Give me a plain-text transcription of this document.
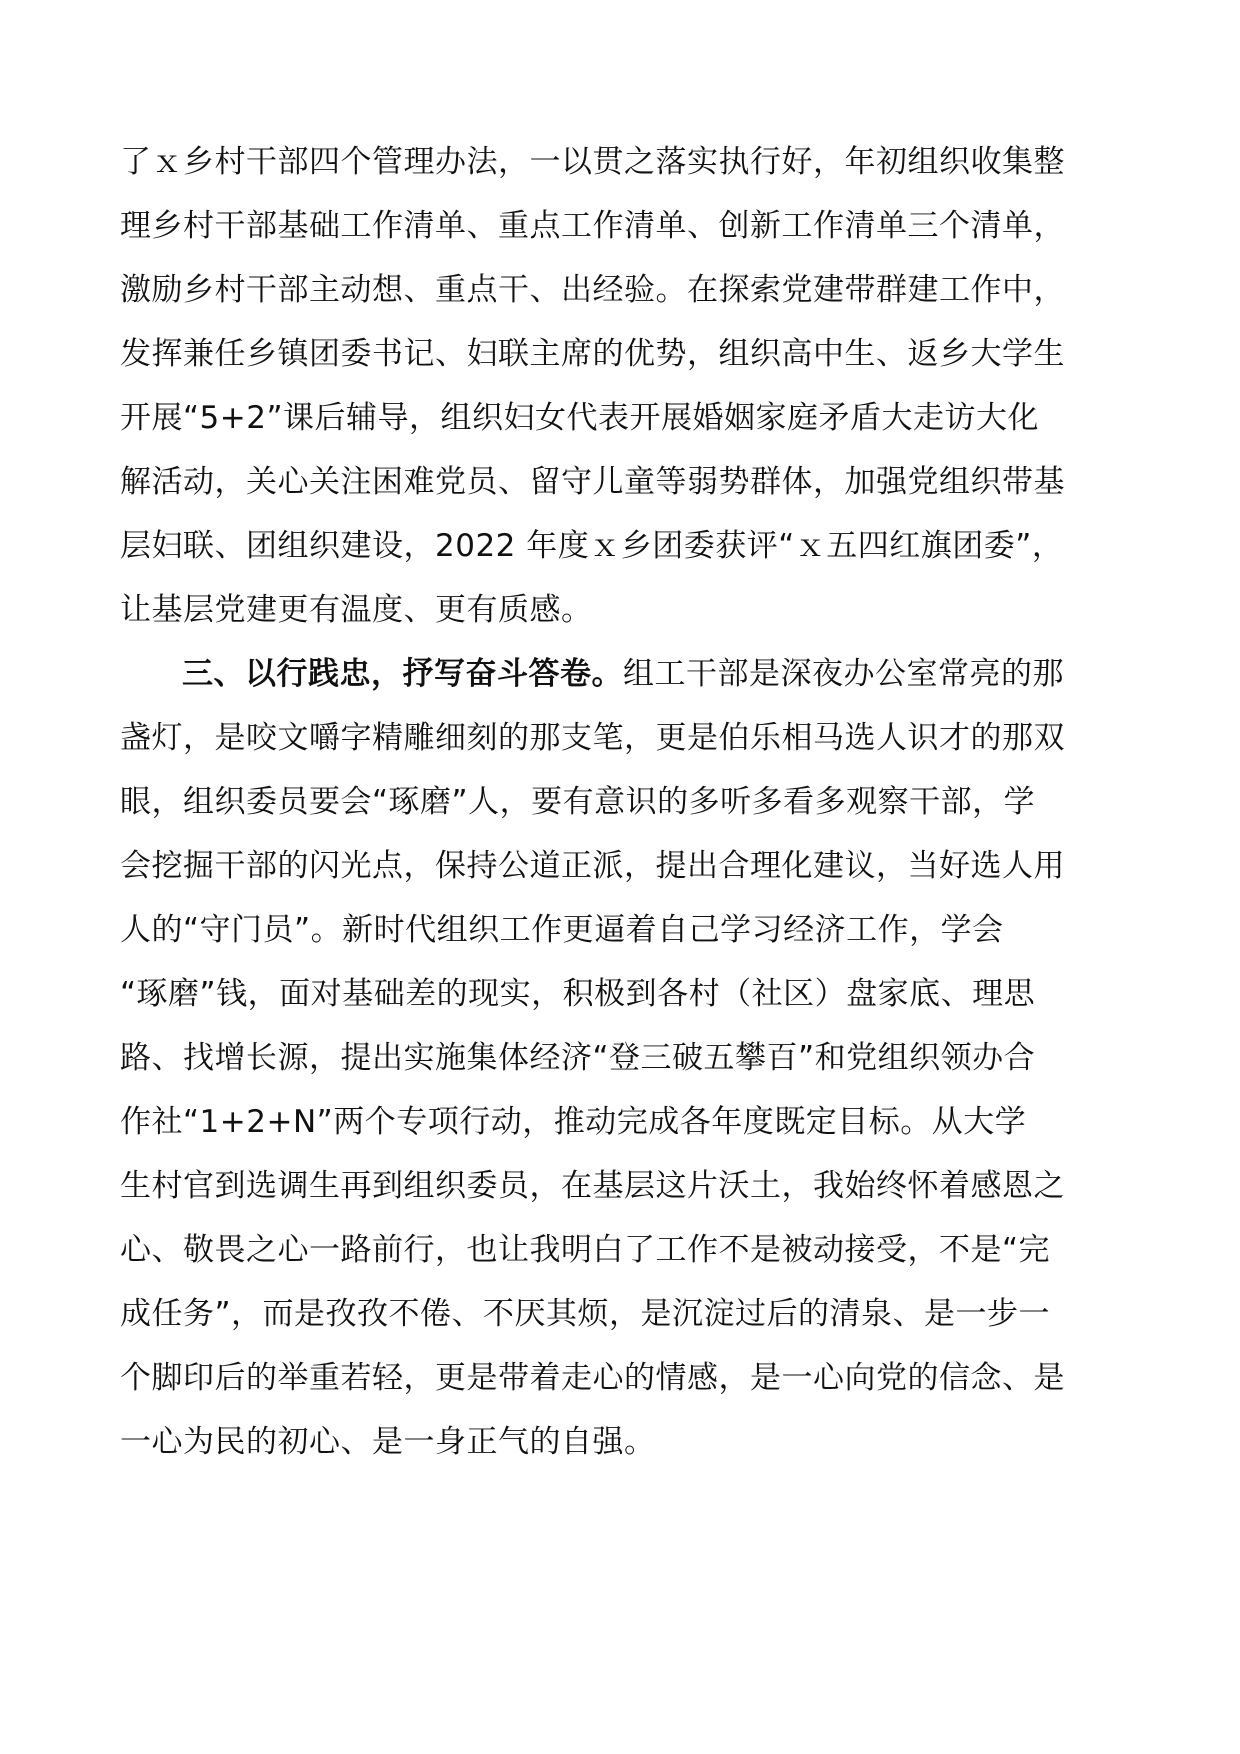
了ｘ乡村干部四个管理办法，一以贯之落实执行好，年初组织收集整
理乡村干部基础工作清单、重点工作清单、创新工作清单三个清单，
激励乡村干部主动想、重点干、出经验。在探索党建带群建工作中，
发挥兼任乡镇团委书记、妇联主席的优势，组织高中生、返乡大学生
开展“5+2”课后辅导，组织妇女代表开展婚姻家庭矛盾大走访大化
解活动，关心关注困难党员、留守儿童等弱势群体，加强党组织带基
层妇联、团组织建设，2022 年度ｘ乡团委获评“ｘ五四红旗团委”，
让基层党建更有温度、更有质感。
三、以行践忠，抒写奋斗答卷。组工干部是深夜办公室常亮的那
盏灯，是咬文嚼字精雕细刻的那支笔，更是伯乐相马选人识才的那双
眼，组织委员要会“琢磨”人，要有意识的多听多看多观察干部，学
会挖掘干部的闪光点，保持公道正派，提出合理化建议，当好选人用
人的“守门员”。新时代组织工作更逼着自己学习经济工作，学会
“琢磨”钱，面对基础差的现实，积极到各村（社区）盘家底、理思
路、找增长源，提出实施集体经济“登三破五攀百”和党组织领办合
作社“1+2+N”两个专项行动，推动完成各年度既定目标。从大学
生村官到选调生再到组织委员，在基层这片沃土，我始终怀着感恩之
心、敬畏之心一路前行，也让我明白了工作不是被动接受，不是“完
成任务”，而是孜孜不倦、不厌其烦，是沉淀过后的清泉、是一步一
个脚印后的举重若轻，更是带着走心的情感，是一心向党的信念、是
一心为民的初心、是一身正气的自强。
